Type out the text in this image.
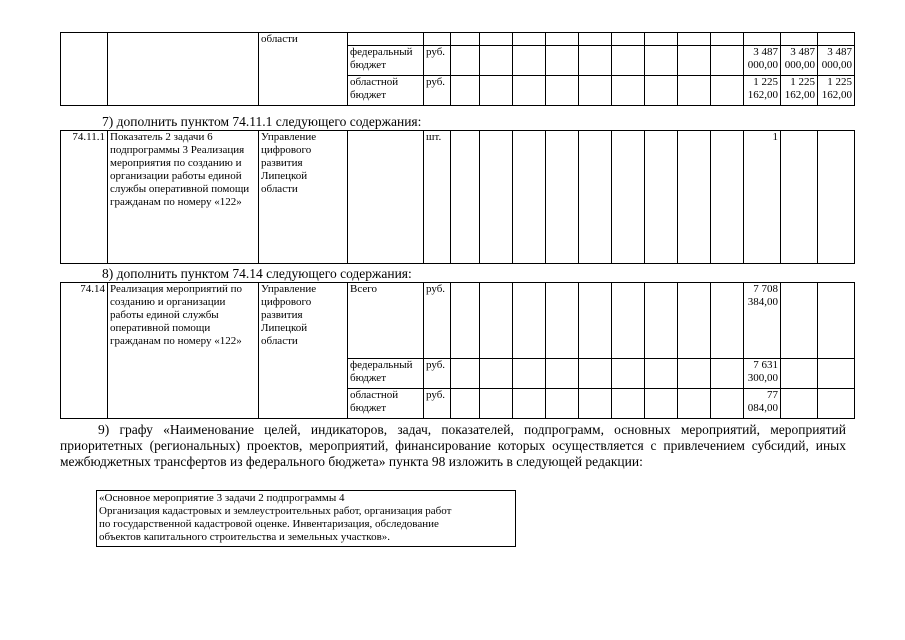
		области														
			федеральный бюджет	руб.										3 487 000,00	3 487 000,00	3 487 000,00
			областной бюджет	руб.										1 225 162,00	1 225 162,00	1 225 162,00
7) дополнить пунктом 74.11.1 следующего содержания:
74.11.1	Показатель 2 задачи 6 подпрограммы 3 Реализация мероприятия по созданию и организации работы единой службы оперативной помощи гражданам по номеру «122»	Управление цифрового развития Липецкой области		шт.										1		
8) дополнить пунктом 74.14 следующего содержания:
74.14	Реализация мероприятий по созданию и организации работы единой службы оперативной помощи гражданам по номеру «122»	Управление цифрового развития Липецкой области	Всего	руб.										7 708 384,00		
			федеральный бюджет	руб.										7 631 300,00		
			областной бюджет	руб.										77 084,00		
9) графу «Наименование целей, индикаторов, задач, показателей, подпрограмм, основных мероприятий, мероприятий приоритетных (региональных) проектов, мероприятий, финансирование которых осуществляется с привлечением субсидий, иных межбюджетных трансфертов из федерального бюджета» пункта 98 изложить в следующей редакции:
«Основное мероприятие 3 задачи 2 подпрограммы 4
Организация кадастровых и землеустроительных работ, организация работ
по государственной кадастровой оценке. Инвентаризация, обследование
объектов капитального строительства и земельных участков».
